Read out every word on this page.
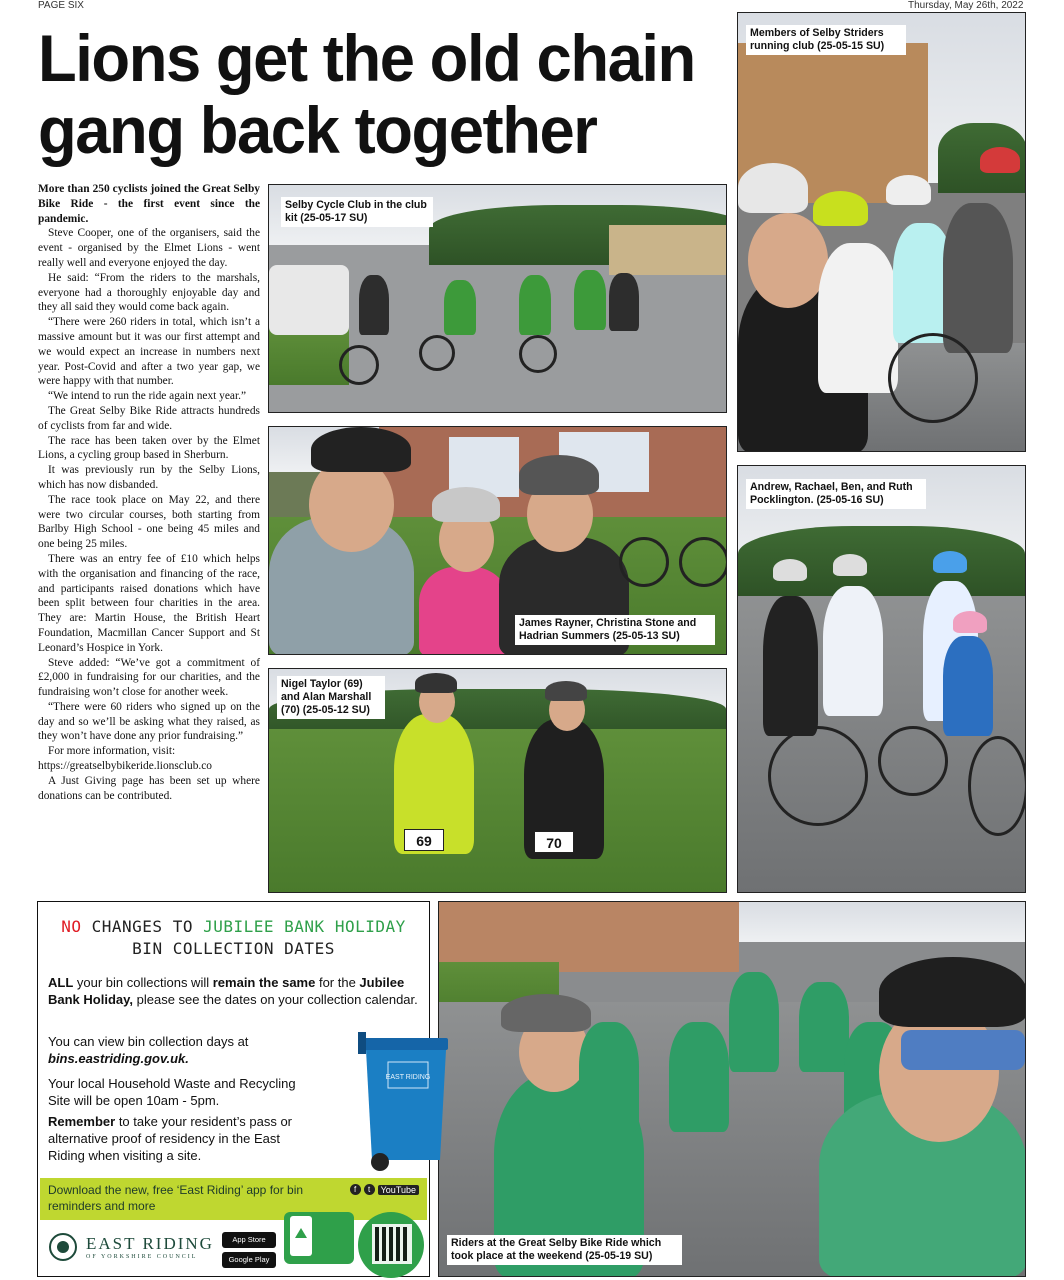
PAGE SIX	Thursday, May 26th, 2022
Lions get the old chain gang back together

More than 250 cyclists joined the Great Selby Bike Ride - the first event since the pandemic.

Steve Cooper, one of the organisers, said the event - organised by the Elmet Lions - went really well and everyone enjoyed the day.

He said: “From the riders to the marshals, everyone had a thoroughly enjoyable day and they all said they would come back again.

“There were 260 riders in total, which isn’t a massive amount but it was our first attempt and we would expect an increase in numbers next year. Post-Covid and after a two year gap, we were happy with that number.

“We intend to run the ride again next year.”

The Great Selby Bike Ride attracts hundreds of cyclists from far and wide.

The race has been taken over by the Elmet Lions, a cycling group based in Sherburn.

It was previously run by the Selby Lions, which has now disbanded.

The race took place on May 22, and there were two circular courses, both starting from Barlby High School - one being 45 miles and one being 25 miles.

There was an entry fee of £10 which helps with the organisation and financing of the race, and participants raised donations which have been split between four charities in the area. They are: Martin House, the British Heart Foundation, Macmillan Cancer Support and St Leonard’s Hospice in York.

Steve added: “We’ve got a commitment of £2,000 in fundraising for our charities, and the fundraising won’t close for another week.

“There were 60 riders who signed up on the day and so we’ll be asking what they raised, as they won’t have done any prior fundraising.”

For more information, visit:

https://greatselbybikeride.lionsclub.co

A Just Giving page has been set up where donations can be contributed.

Selby Cycle Club in the club kit (25-05-17 SU)
Members of Selby Striders running club (25-05-15 SU)
James Rayner, Christina Stone and Hadrian Summers (25-05-13 SU)
Andrew, Rachael, Ben, and Ruth Pocklington. (25-05-16 SU)
69	70
Nigel Taylor (69) and Alan Marshall (70) (25-05-12 SU)
Riders at the Great Selby Bike Ride which took place at the weekend (25-05-19 SU)
NO CHANGES TO JUBILEE BANK HOLIDAY
BIN COLLECTION DATES
ALL your bin collections will remain the same for the Jubilee Bank Holiday, please see the dates on your collection calendar.
You can view bin collection days at
bins.eastriding.gov.uk.
Your local Household Waste and Recycling Site will be open 10am - 5pm.
Remember to take your resident’s pass or alternative proof of residency in the East Riding when visiting a site.
EAST RIDING
Download the new, free ‘East Riding’ app for bin reminders and more
f	t	YouTube
EAST RIDING
OF YORKSHIRE COUNCIL
App Store
Google Play
